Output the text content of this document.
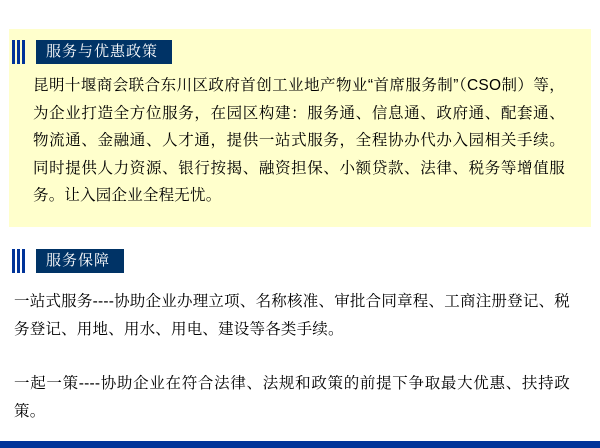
服务与优惠政策
昆明十堰商会联合东川区政府首创工业地产物业“首席服务制”（CSO制）等，为企业打造全方位服务，在园区构建：服务通、信息通、政府通、配套通、物流通、金融通、人才通，提供一站式服务，全程协办代办入园相关手续。同时提供人力资源、银行按揭、融资担保、小额贷款、法律、税务等增值服务。让入园企业全程无忧。
服务保障
一站式服务----协助企业办理立项、名称核准、审批合同章程、工商注册登记、税务登记、用地、用水、用电、建设等各类手续。
一起一策----协助企业在符合法律、法规和政策的前提下争取最大优惠、扶持政策。
